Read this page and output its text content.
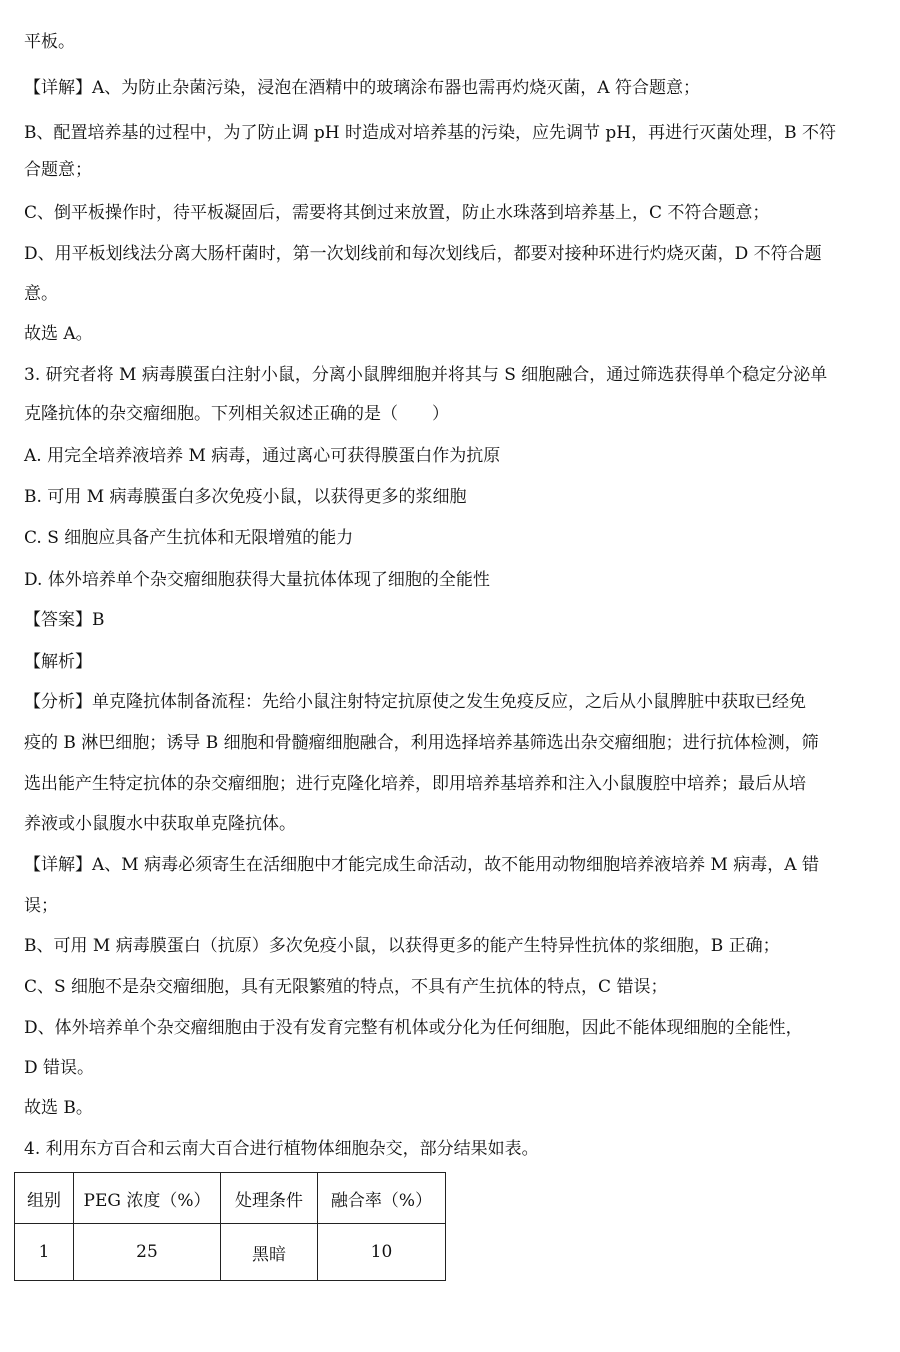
平板。
【详解】A、为防止杂菌污染，浸泡在酒精中的玻璃涂布器也需再灼烧灭菌，A 符合题意；
B、配置培养基的过程中，为了防止调 pH 时造成对培养基的污染，应先调节 pH，再进行灭菌处理，B 不符
合题意；
C、倒平板操作时，待平板凝固后，需要将其倒过来放置，防止水珠落到培养基上，C 不符合题意；
D、用平板划线法分离大肠杆菌时，第一次划线前和每次划线后，都要对接种环进行灼烧灭菌，D 不符合题
意。
故选 A。
3. 研究者将 M 病毒膜蛋白注射小鼠，分离小鼠脾细胞并将其与 S 细胞融合，通过筛选获得单个稳定分泌单
克隆抗体的杂交瘤细胞。下列相关叙述正确的是（　　）
A. 用完全培养液培养 M 病毒，通过离心可获得膜蛋白作为抗原
B. 可用 M 病毒膜蛋白多次免疫小鼠，以获得更多的浆细胞
C. S 细胞应具备产生抗体和无限增殖的能力
D. 体外培养单个杂交瘤细胞获得大量抗体体现了细胞的全能性
【答案】B
【解析】
【分析】单克隆抗体制备流程：先给小鼠注射特定抗原使之发生免疫反应，之后从小鼠脾脏中获取已经免
疫的 B 淋巴细胞；诱导 B 细胞和骨髓瘤细胞融合，利用选择培养基筛选出杂交瘤细胞；进行抗体检测，筛
选出能产生特定抗体的杂交瘤细胞；进行克隆化培养，即用培养基培养和注入小鼠腹腔中培养；最后从培
养液或小鼠腹水中获取单克隆抗体。
【详解】A、M 病毒必须寄生在活细胞中才能完成生命活动，故不能用动物细胞培养液培养 M 病毒，A 错
误；
B、可用 M 病毒膜蛋白（抗原）多次免疫小鼠，以获得更多的能产生特异性抗体的浆细胞，B 正确；
C、S 细胞不是杂交瘤细胞，具有无限繁殖的特点，不具有产生抗体的特点，C 错误；
D、体外培养单个杂交瘤细胞由于没有发育完整有机体或分化为任何细胞，因此不能体现细胞的全能性，
D 错误。
故选 B。
4. 利用东方百合和云南大百合进行植物体细胞杂交，部分结果如表。
组别	PEG 浓度（%）	处理条件	融合率（%）
1	25	黑暗	10
